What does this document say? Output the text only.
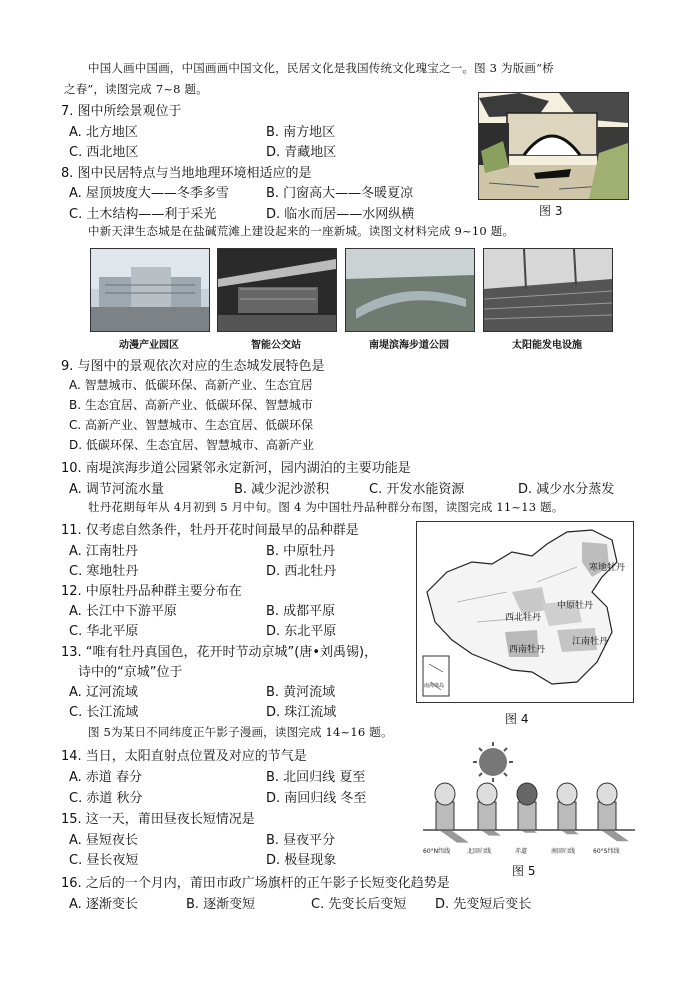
中国人画中国画，中国画画中国文化，民居文化是我国传统文化瑰宝之一。图 3 为版画“桥
之春”，读图完成 7~8 题。
7. 图中所绘景观位于
A. 北方地区	B. 南方地区
C. 西北地区	D. 青藏地区
8. 图中民居特点与当地地理环境相适应的是
A. 屋顶坡度大——冬季多雪	B. 门窗高大——冬暖夏凉
C. 土木结构——利于采光	D. 临水而居——水网纵横	图 3
中新天津生态城是在盐碱荒滩上建设起来的一座新城。读图文材料完成 9~10 题。
动漫产业园区	智能公交站	南堤滨海步道公园	太阳能发电设施
9. 与图中的景观依次对应的生态城发展特色是
A. 智慧城市、低碳环保、高新产业、生态宜居
B. 生态宜居、高新产业、低碳环保、智慧城市
C. 高新产业、智慧城市、生态宜居、低碳环保
D. 低碳环保、生态宜居、智慧城市、高新产业
10. 南堤滨海步道公园紧邻永定新河，园内湖泊的主要功能是
A. 调节河流水量	B. 减少泥沙淤积	C. 开发水能资源	D. 减少水分蒸发
牡丹花期每年从 4月初到 5 月中旬。图 4 为中国牡丹品种群分布图，读图完成 11~13 题。
11. 仅考虑自然条件，牡丹开花时间最早的品种群是
A. 江南牡丹	B. 中原牡丹
C. 寒地牡丹	D. 西北牡丹
12. 中原牡丹品种群主要分布在
A. 长江中下游平原	B. 成都平原
C. 华北平原	D. 东北平原
13. “唯有牡丹真国色，花开时节动京城”(唐•刘禹锡)，
诗中的“京城”位于
A. 辽河流域	B. 黄河流域
C. 长江流域	D. 珠江流域
寒地牡丹
西北牡丹
中原牡丹
西南牡丹
江南牡丹
南海诸岛
图 4
图 5为某日不同纬度正午影子漫画，读图完成 14~16 题。
14. 当日，太阳直射点位置及对应的节气是
A. 赤道 春分	B. 北回归线 夏至
C. 赤道 秋分	D. 南回归线 冬至
15. 这一天，莆田昼夜长短情况是
A. 昼短夜长	B. 昼夜平分
C. 昼长夜短	D. 极昼现象
60°N纬线	北回归线	赤道	南回归线	60°S纬线
图 5
16. 之后的一个月内，莆田市政广场旗杆的正午影子长短变化趋势是
A. 逐渐变长	B. 逐渐变短	C. 先变长后变短 D. 先变短后变长
